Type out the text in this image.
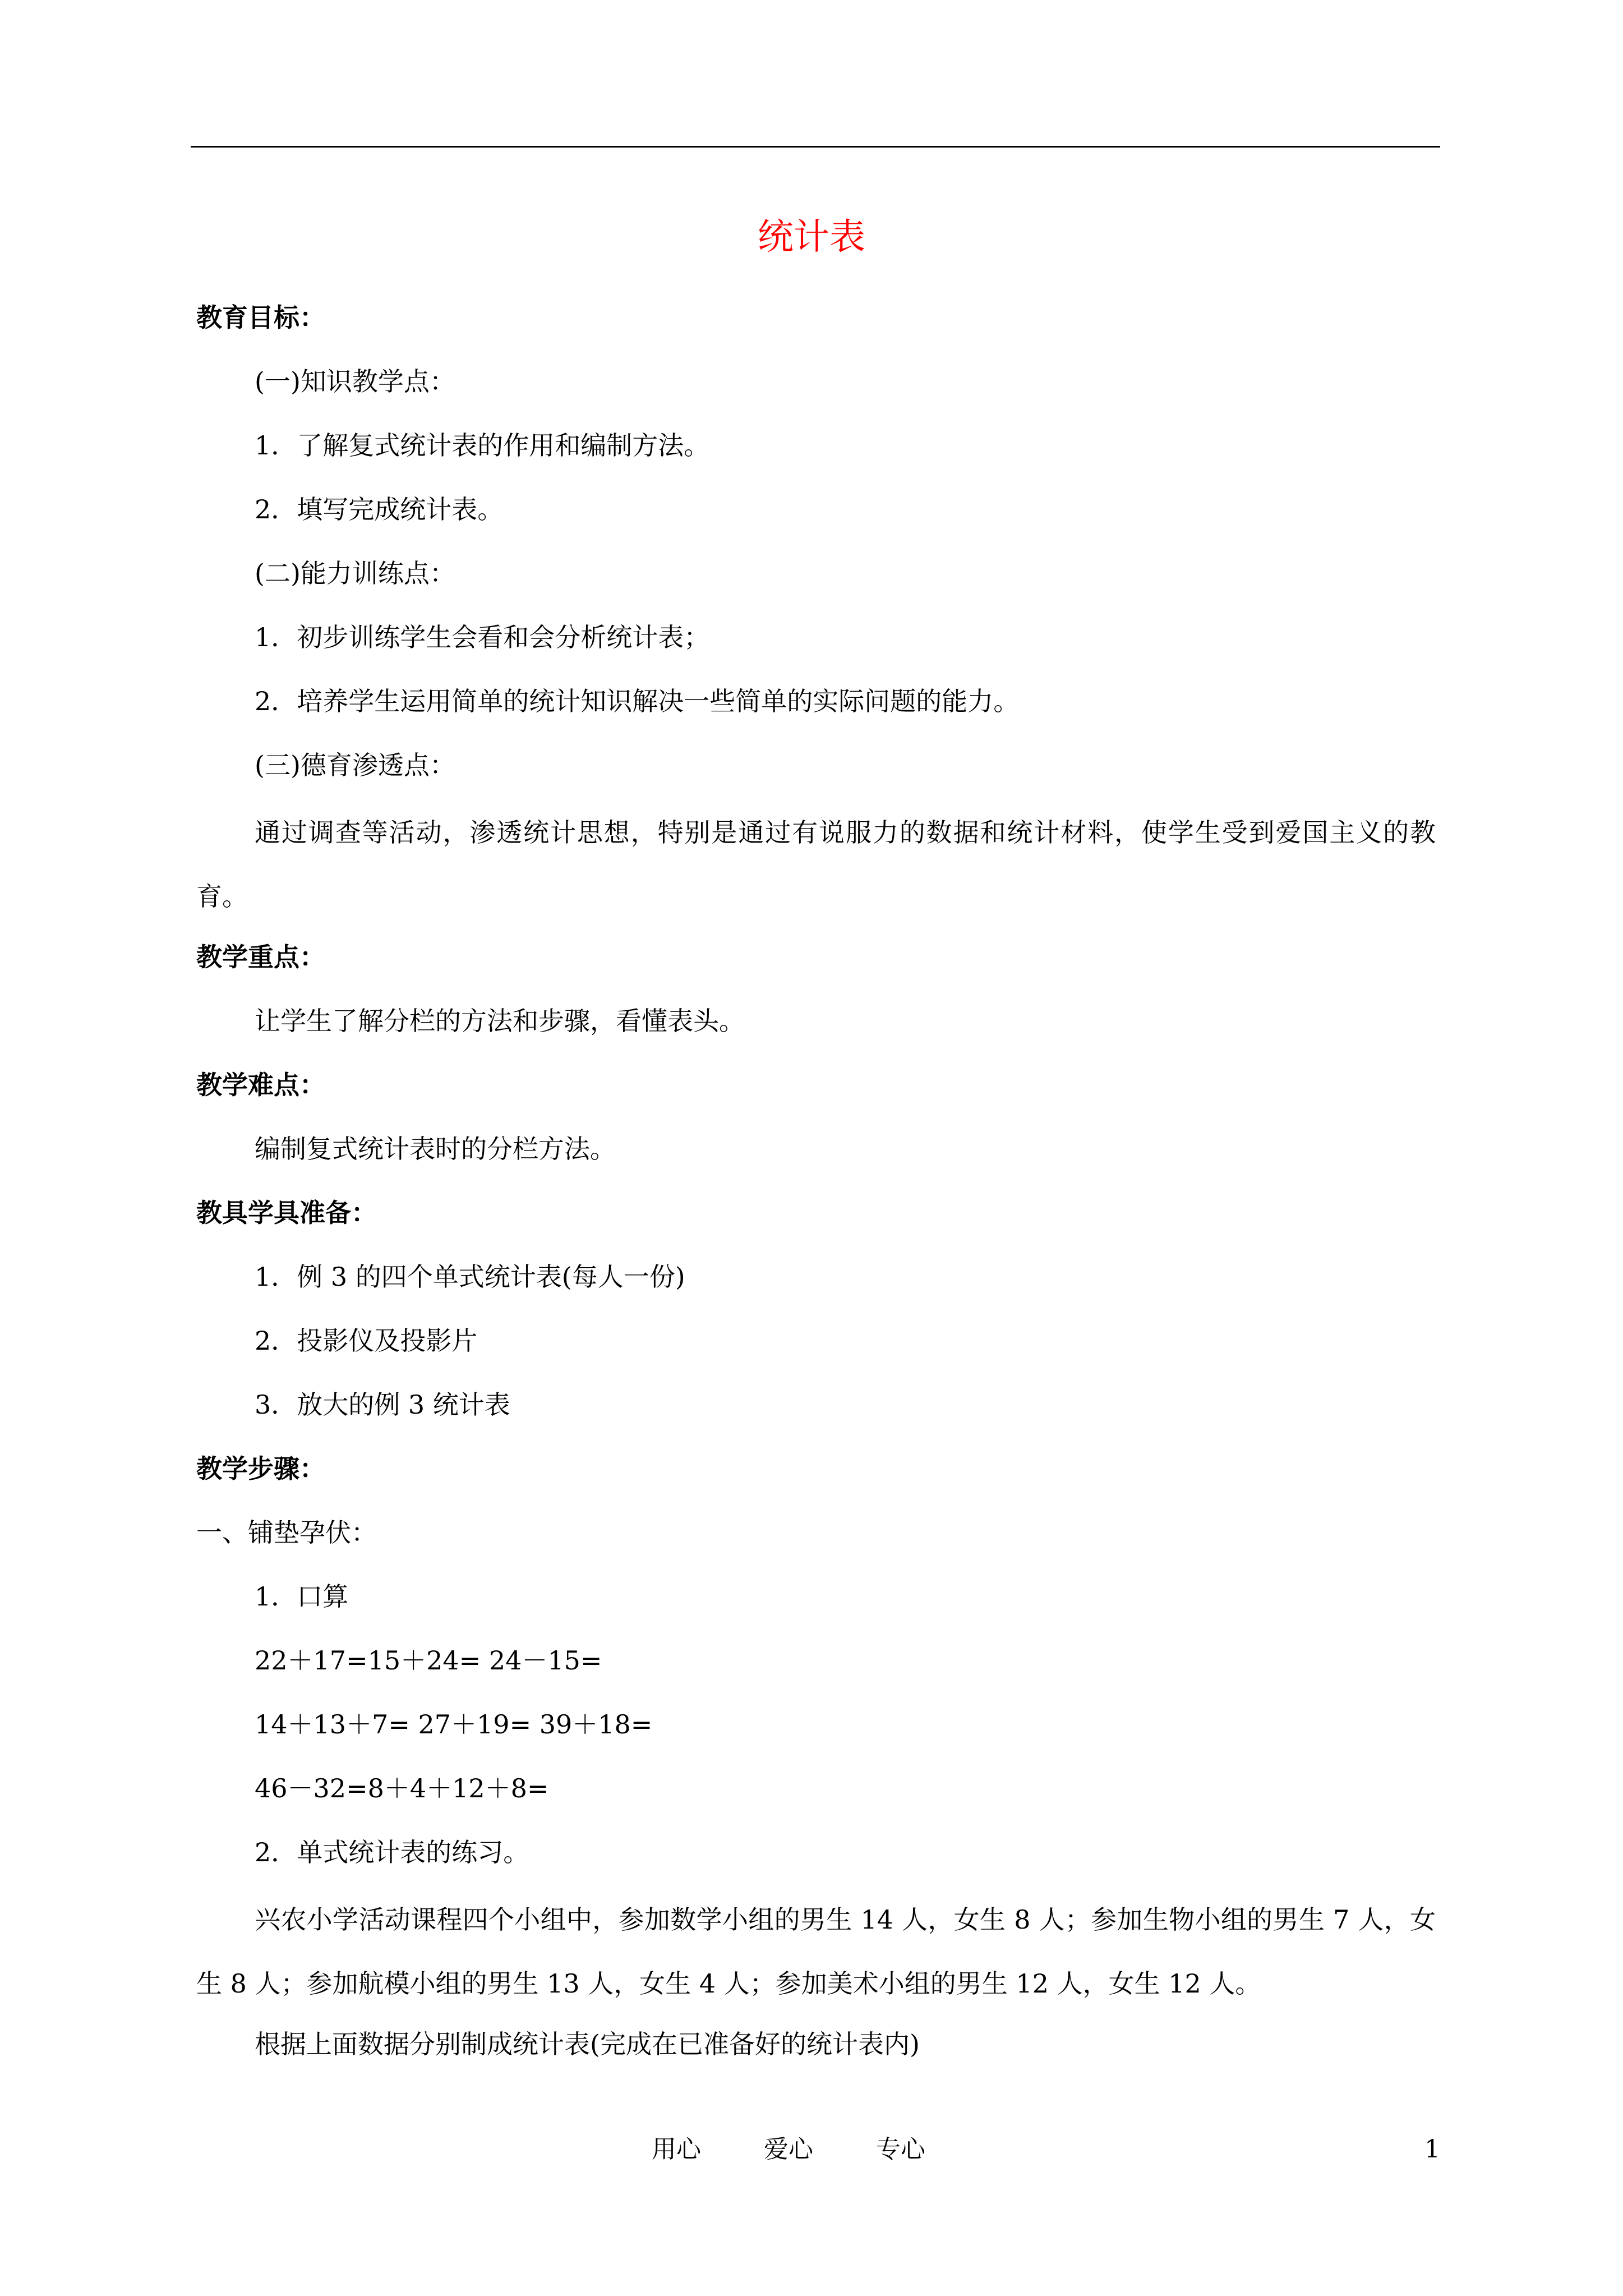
统计表
教育目标：
(一)知识教学点：
1．了解复式统计表的作用和编制方法。
2．填写完成统计表。
(二)能力训练点：
1．初步训练学生会看和会分析统计表；
2．培养学生运用简单的统计知识解决一些简单的实际问题的能力。
(三)德育渗透点：
通过调查等活动，渗透统计思想，特别是通过有说服力的数据和统计材料，使学生受到爱国主义的教育。
教学重点：
让学生了解分栏的方法和步骤，看懂表头。
教学难点：
编制复式统计表时的分栏方法。
教具学具准备：
1．例 3 的四个单式统计表(每人一份)
2．投影仪及投影片
3．放大的例 3 统计表
教学步骤：
一、铺垫孕伏：
1．口算
22＋17=15＋24= 24－15=
14＋13＋7= 27＋19= 39＋18=
46－32=8＋4＋12＋8=
2．单式统计表的练习。
兴农小学活动课程四个小组中，参加数学小组的男生 14 人，女生 8 人；参加生物小组的男生 7 人，女生 8 人；参加航模小组的男生 13 人，女生 4 人；参加美术小组的男生 12 人，女生 12 人。
根据上面数据分别制成统计表(完成在已准备好的统计表内)
用心	爱心	专心	1
